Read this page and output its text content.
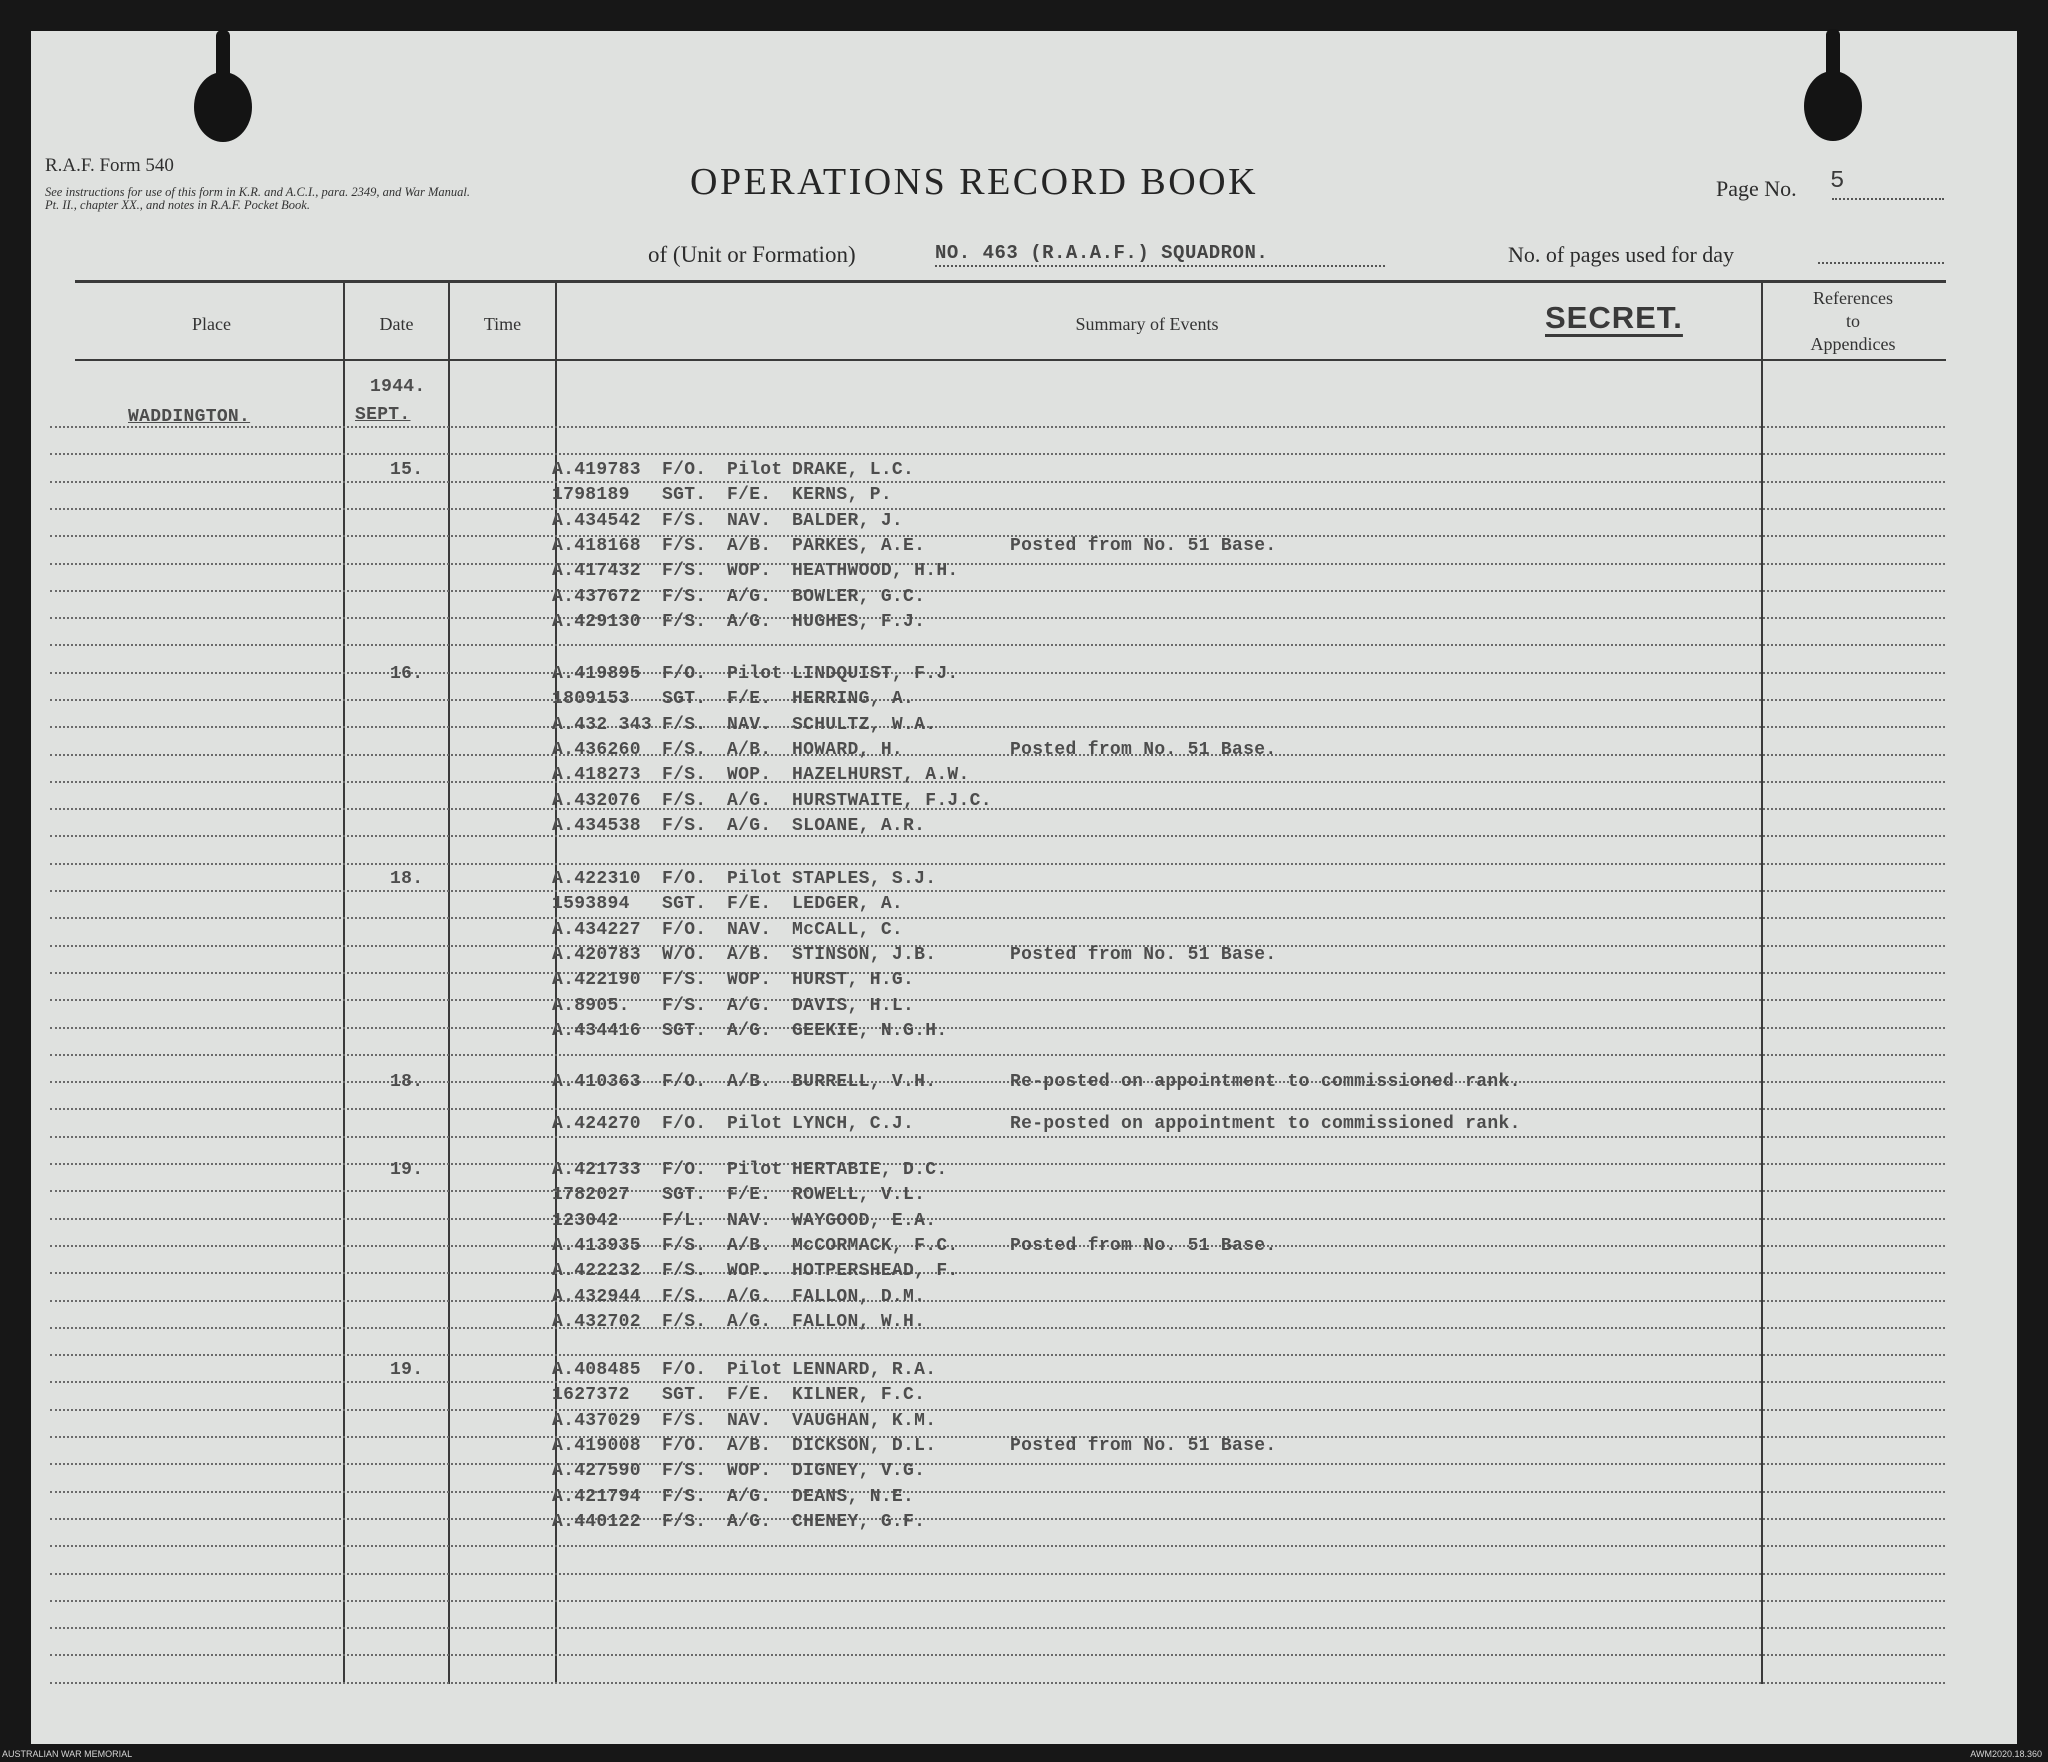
R.A.F. Form 540
See instructions for use of this form in K.R. and A.C.I., para. 2349, and War Manual. Pt. II., chapter XX., and notes in R.A.F. Pocket Book.
OPERATIONS RECORD BOOK	Page No. 5
of (Unit or Formation)	NO. 463 (R.A.A.F.) SQUADRON.	No. of pages used for day
Place	Date	Time	Summary of Events
References
to
Appendices
SECRET.
WADDINGTON.
1944.
SEPT.
15.	A.419783 F/O. Pilot DRAKE, L.C.
1798189 SGT. F/E. KERNS, P.
A.434542 F/S. NAV. BALDER, J.
A.418168 F/S. A/B. PARKES, A.E.	Posted from No. 51 Base.
A.417432 F/S. WOP. HEATHWOOD, H.H.
A.437672 F/S. A/G. BOWLER, G.C.
A.429130 F/S. A/G. HUGHES, F.J.
16.	A.419895 F/O. Pilot LINDQUIST, F.J.
1809153 SGT. F/E. HERRING, A.
A.432 343 F/S. NAV. SCHULTZ, W.A.
A.436260 F/S. A/B. HOWARD, H.	Posted from No. 51 Base.
A.418273 F/S. WOP. HAZELHURST, A.W.
A.432076 F/S. A/G. HURSTWAITE, F.J.C.
A.434538 F/S. A/G. SLOANE, A.R.
18.	A.422310 F/O. Pilot STAPLES, S.J.
1593894 SGT. F/E. LEDGER, A.
A.434227 F/O. NAV. McCALL, C.
A.420783 W/O. A/B. STINSON, J.B.	Posted from No. 51 Base.
A.422190 F/S. WOP. HURST, H.G.
A.8905. F/S. A/G. DAVIS, H.L.
A.434416 SGT. A/G. GEEKIE, N.G.H.
18.	A.410363 F/O. A/B. BURRELL, V.H.	Re-posted on appointment to commissioned rank.
A.424270 F/O. Pilot LYNCH, C.J.	Re-posted on appointment to commissioned rank.
19.	A.421733 F/O. Pilot HERTABIE, D.C.
1782027 SGT. F/E. ROWELL, V.L.
123042 F/L. NAV. WAYGOOD, E.A.
A.413935 F/S. A/B. McCORMACK, F.C.	Posted from No. 51 Base.
A.422232 F/S. WOP. HOTPERSHEAD, F.
A.432944 F/S. A/G. FALLON, D.M.
A.432702 F/S. A/G. FALLON, W.H.
19.	A.408485 F/O. Pilot LENNARD, R.A.
1627372 SGT. F/E. KILNER, F.C.
A.437029 F/S. NAV. VAUGHAN, K.M.
A.419008 F/O. A/B. DICKSON, D.L.	Posted from No. 51 Base.
A.427590 F/S. WOP. DIGNEY, V.G.
A.421794 F/S. A/G. DEANS, N.E.
A.440122 F/S. A/G. CHENEY, G.F.
AUSTRALIAN WAR MEMORIAL	AWM2020.18.360
